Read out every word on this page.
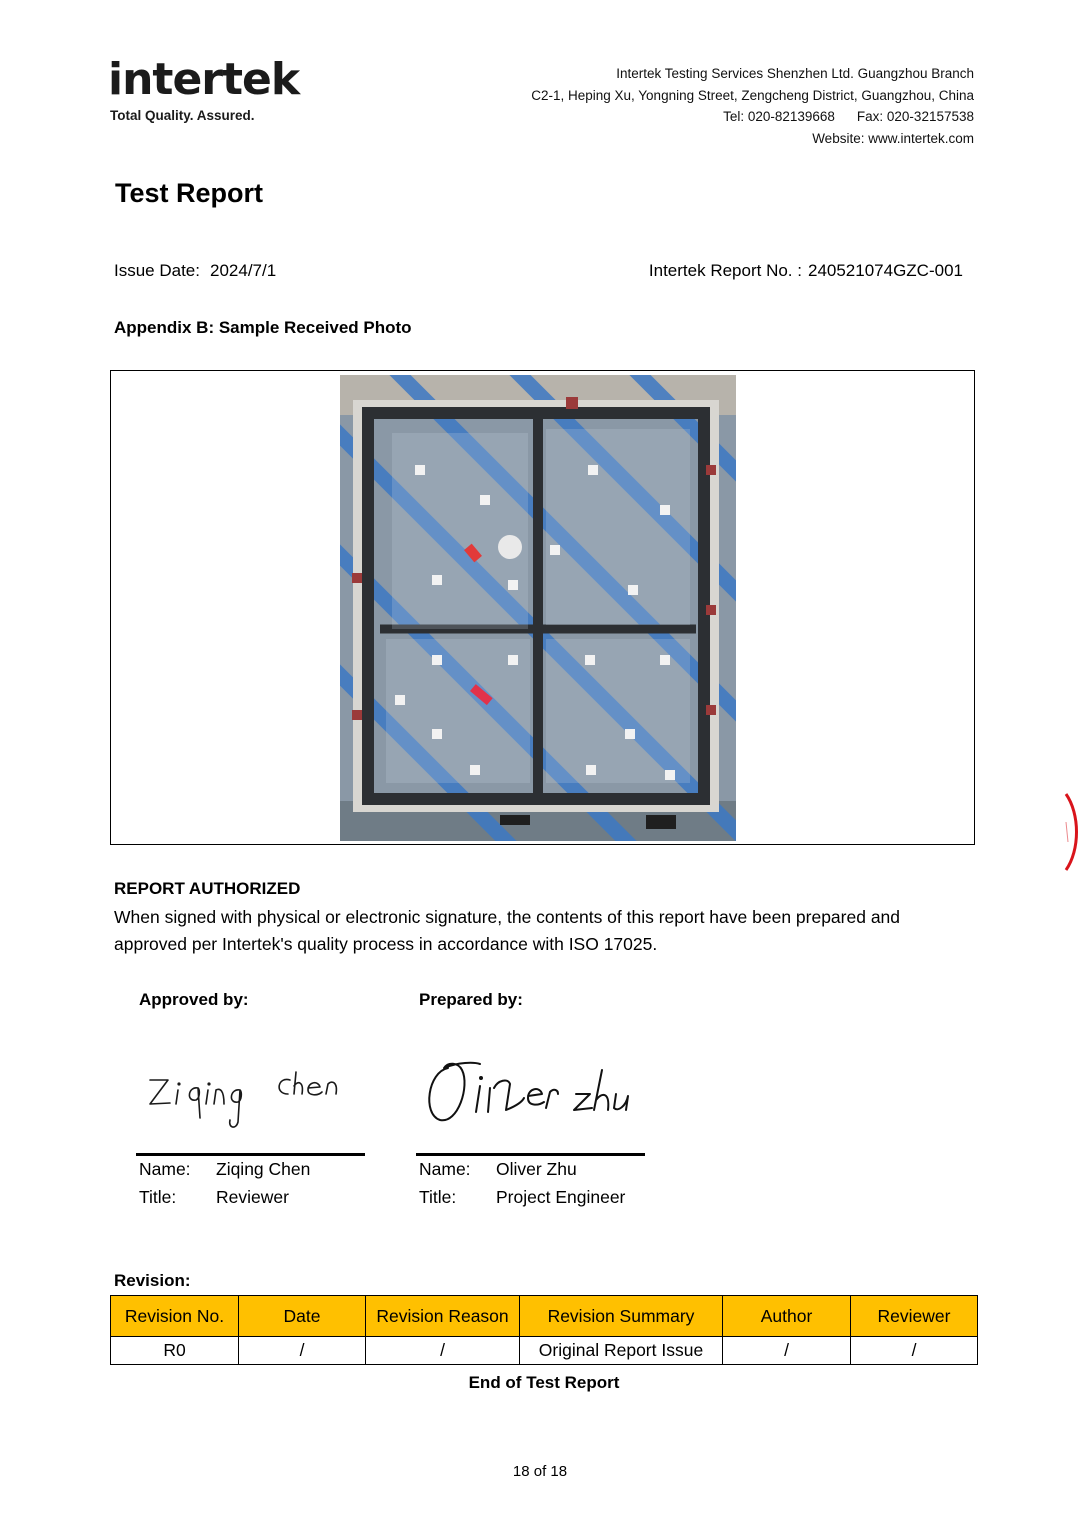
intertek
Total Quality. Assured.
Intertek Testing Services Shenzhen Ltd. Guangzhou Branch
C2-1, Heping Xu, Yongning Street, Zengcheng District, Guangzhou, China
Tel: 020-82139668 Fax: 020-32157538
Website: www.intertek.com
Test Report
Issue Date: 2024/7/1	Intertek Report No. : 240521074GZC-001
Appendix B: Sample Received Photo
REPORT AUTHORIZED
When signed with physical or electronic signature, the contents of this report have been prepared and approved per Intertek's quality process in accordance with ISO 17025.
Approved by:	Prepared by:
Name: Ziqing Chen
Title: Reviewer
Name: Oliver Zhu
Title: Project Engineer
Revision:
Revision No.	Date	Revision Reason	Revision Summary	Author	Reviewer
R0	/	/	Original Report Issue	/	/
End of Test Report
18 of 18
